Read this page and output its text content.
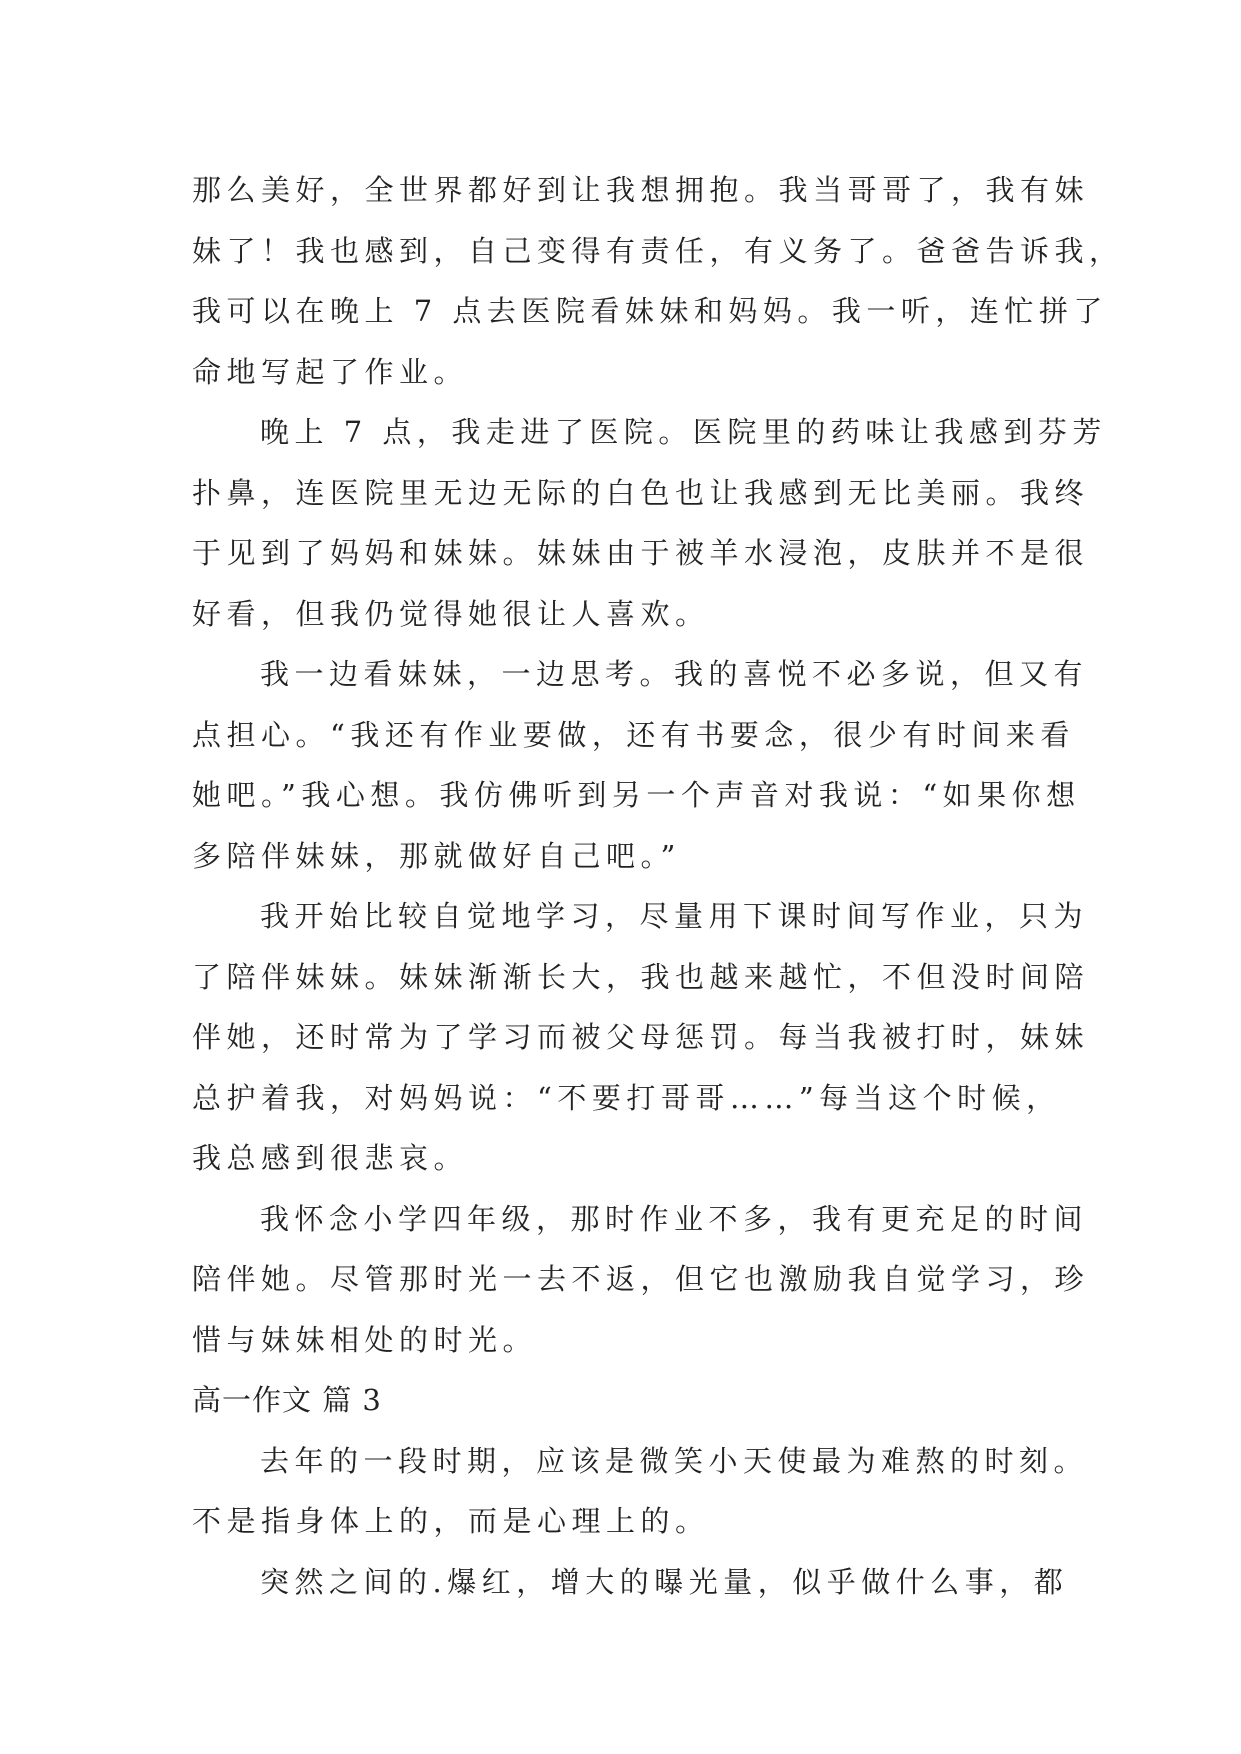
那么美好，全世界都好到让我想拥抱。我当哥哥了，我有妹
妹了！我也感到，自己变得有责任，有义务了。爸爸告诉我，
我可以在晚上 7 点去医院看妹妹和妈妈。我一听，连忙拼了
命地写起了作业。
晚上 7 点，我走进了医院。医院里的药味让我感到芬芳
扑鼻，连医院里无边无际的白色也让我感到无比美丽。我终
于见到了妈妈和妹妹。妹妹由于被羊水浸泡，皮肤并不是很
好看，但我仍觉得她很让人喜欢。
我一边看妹妹，一边思考。我的喜悦不必多说，但又有
点担心。“我还有作业要做，还有书要念，很少有时间来看
她吧。”我心想。我仿佛听到另一个声音对我说：“如果你想
多陪伴妹妹，那就做好自己吧。”
我开始比较自觉地学习，尽量用下课时间写作业，只为
了陪伴妹妹。妹妹渐渐长大，我也越来越忙，不但没时间陪
伴她，还时常为了学习而被父母惩罚。每当我被打时，妹妹
总护着我，对妈妈说：“不要打哥哥……”每当这个时候，
我总感到很悲哀。
我怀念小学四年级，那时作业不多，我有更充足的时间
陪伴她。尽管那时光一去不返，但它也激励我自觉学习，珍
惜与妹妹相处的时光。
高一作文 篇 3
去年的一段时期，应该是微笑小天使最为难熬的时刻。
不是指身体上的，而是心理上的。
突然之间的.爆红，增大的曝光量，似乎做什么事，都
